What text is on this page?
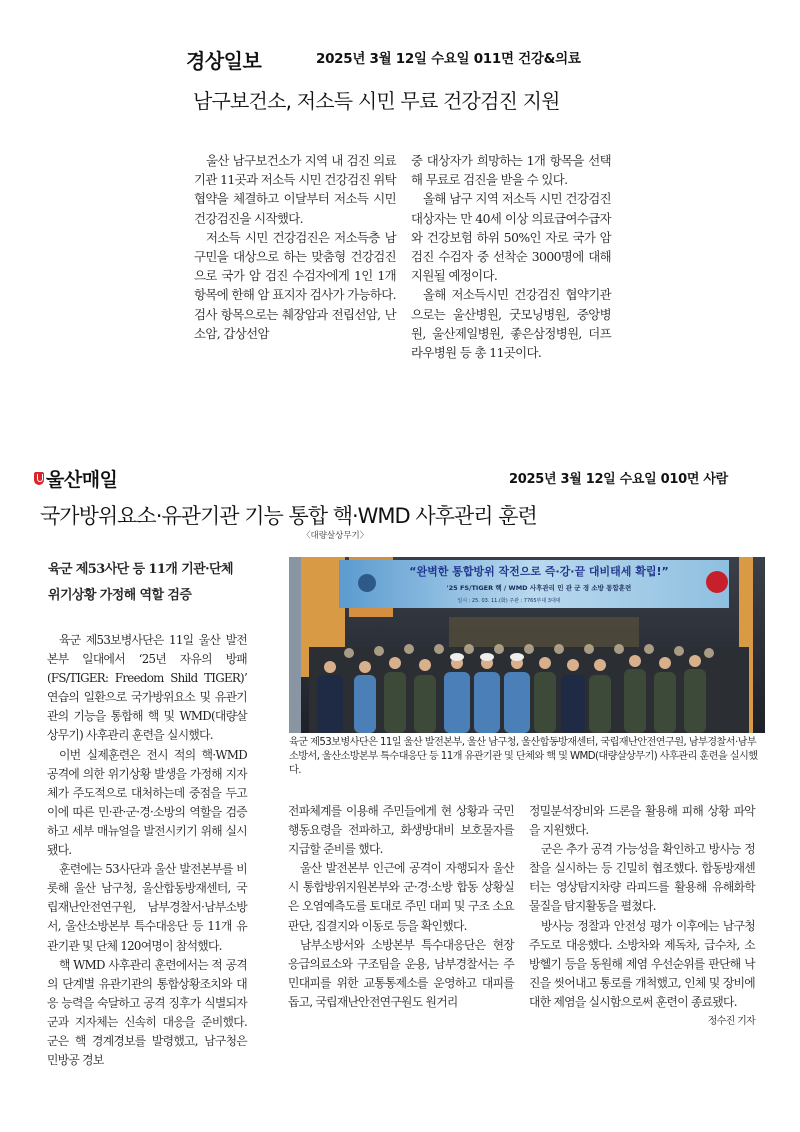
경상일보	2025년 3월 12일 수요일 011면 건강&의료
남구보건소, 저소득 시민 무료 건강검진 지원

울산 남구보건소가 지역 내 검진 의료기관 11곳과 저소득 시민 건강검진 위탁 협약을 체결하고 이달부터 저소득 시민 건강검진을 시작했다.

저소득 시민 건강검진은 저소득층 남구민을 대상으로 하는 맞춤형 건강검진으로 국가 암 검진 수검자에게 1인 1개 항목에 한해 암 표지자 검사가 가능하다. 검사 항목으로는 췌장암과 전립선암, 난소암, 갑상선암

중 대상자가 희망하는 1개 항목을 선택해 무료로 검진을 받을 수 있다.

올해 남구 지역 저소득 시민 건강검진 대상자는 만 40세 이상 의료급여수급자와 건강보험 하위 50%인 자로 국가 암 검진 수검자 중 선착순 3000명에 대해 지원될 예정이다.

올해 저소득시민 건강검진 협약기관으로는 울산병원, 굿모닝병원, 중앙병원, 울산제일병원, 좋은삼정병원, 더프라우병원 등 총 11곳이다.

울산매일	2025년 3월 12일 수요일 010면 사람
국가방위요소·유관기관 기능 통합 핵·WMD 사후관리 훈련
〈대량살상무기〉
육군 제53사단 등 11개 기관·단체
위기상황 가정해 역할 검증
“완벽한 통합방위 작전으로 즉·강·끝 대비태세 확립!”
'25 FS/TIGER 핵 / WMD 사후관리 민 관 군 경 소방 통합훈련
일시 : 25. 03. 11.(화) 주관 : 7765부대 3대대
육군 제53보병사단은 11일 울산 발전본부, 울산 남구청, 울산합동방재센터, 국립재난안전연구원, 남부경찰서·남부소방서, 울산소방본부 특수대응단 등 11개 유관기관 및 단체와 핵 및 WMD(대량살상무기) 사후관리 훈련을 실시했다.

육군 제53보병사단은 11일 울산 발전본부 일대에서 ‘25년 자유의 방패(FS/TIGER: Freedom Shild TIGER)’ 연습의 일환으로 국가방위요소 및 유관기관의 기능을 통합해 핵 및 WMD(대량살상무기) 사후관리 훈련을 실시했다.

이번 실제훈련은 전시 적의 핵·WMD 공격에 의한 위기상황 발생을 가정해 지자체가 주도적으로 대처하는데 중점을 두고 이에 따른 민·관·군·경·소방의 역할을 검증하고 세부 매뉴얼을 발전시키기 위해 실시됐다.

훈련에는 53사단과 울산 발전본부를 비롯해 울산 남구청, 울산합동방재센터, 국립재난안전연구원, 남부경찰서·남부소방서, 울산소방본부 특수대응단 등 11개 유관기관 및 단체 120여명이 참석했다.

핵 WMD 사후관리 훈련에서는 적 공격의 단계별 유관기관의 통합상황조치와 대응 능력을 숙달하고 공격 징후가 식별되자 군과 지자체는 신속히 대응을 준비했다. 군은 핵 경계경보를 발령했고, 남구청은 민방공 경보

전파체계를 이용해 주민들에게 현 상황과 국민 행동요령을 전파하고, 화생방대비 보호물자를 지급할 준비를 했다.

울산 발전본부 인근에 공격이 자행되자 울산시 통합방위지원본부와 군·경·소방 합동 상황실은 오염예측도를 토대로 주민 대피 및 구조 소요 판단, 집결지와 이동로 등을 확인했다.

남부소방서와 소방본부 특수대응단은 현장 응급의료소와 구조팀을 운용, 남부경찰서는 주민대피를 위한 교통통제소를 운영하고 대피를 돕고, 국립재난안전연구원도 원거리

정밀분석장비와 드론을 활용해 피해 상황 파악을 지원했다.

군은 추가 공격 가능성을 확인하고 방사능 정찰을 실시하는 등 긴밀히 협조했다. 합동방재센터는 영상탐지차량 라피드를 활용해 유해화학물질을 탐지활동을 펼쳤다.

방사능 정찰과 안전성 평가 이후에는 남구청 주도로 대응했다. 소방차와 제독차, 급수차, 소방헬기 등을 동원해 제염 우선순위를 판단해 낙진을 씻어내고 통로를 개척했고, 인체 및 장비에 대한 제염을 실시함으로써 훈련이 종료됐다.
정수진 기자
